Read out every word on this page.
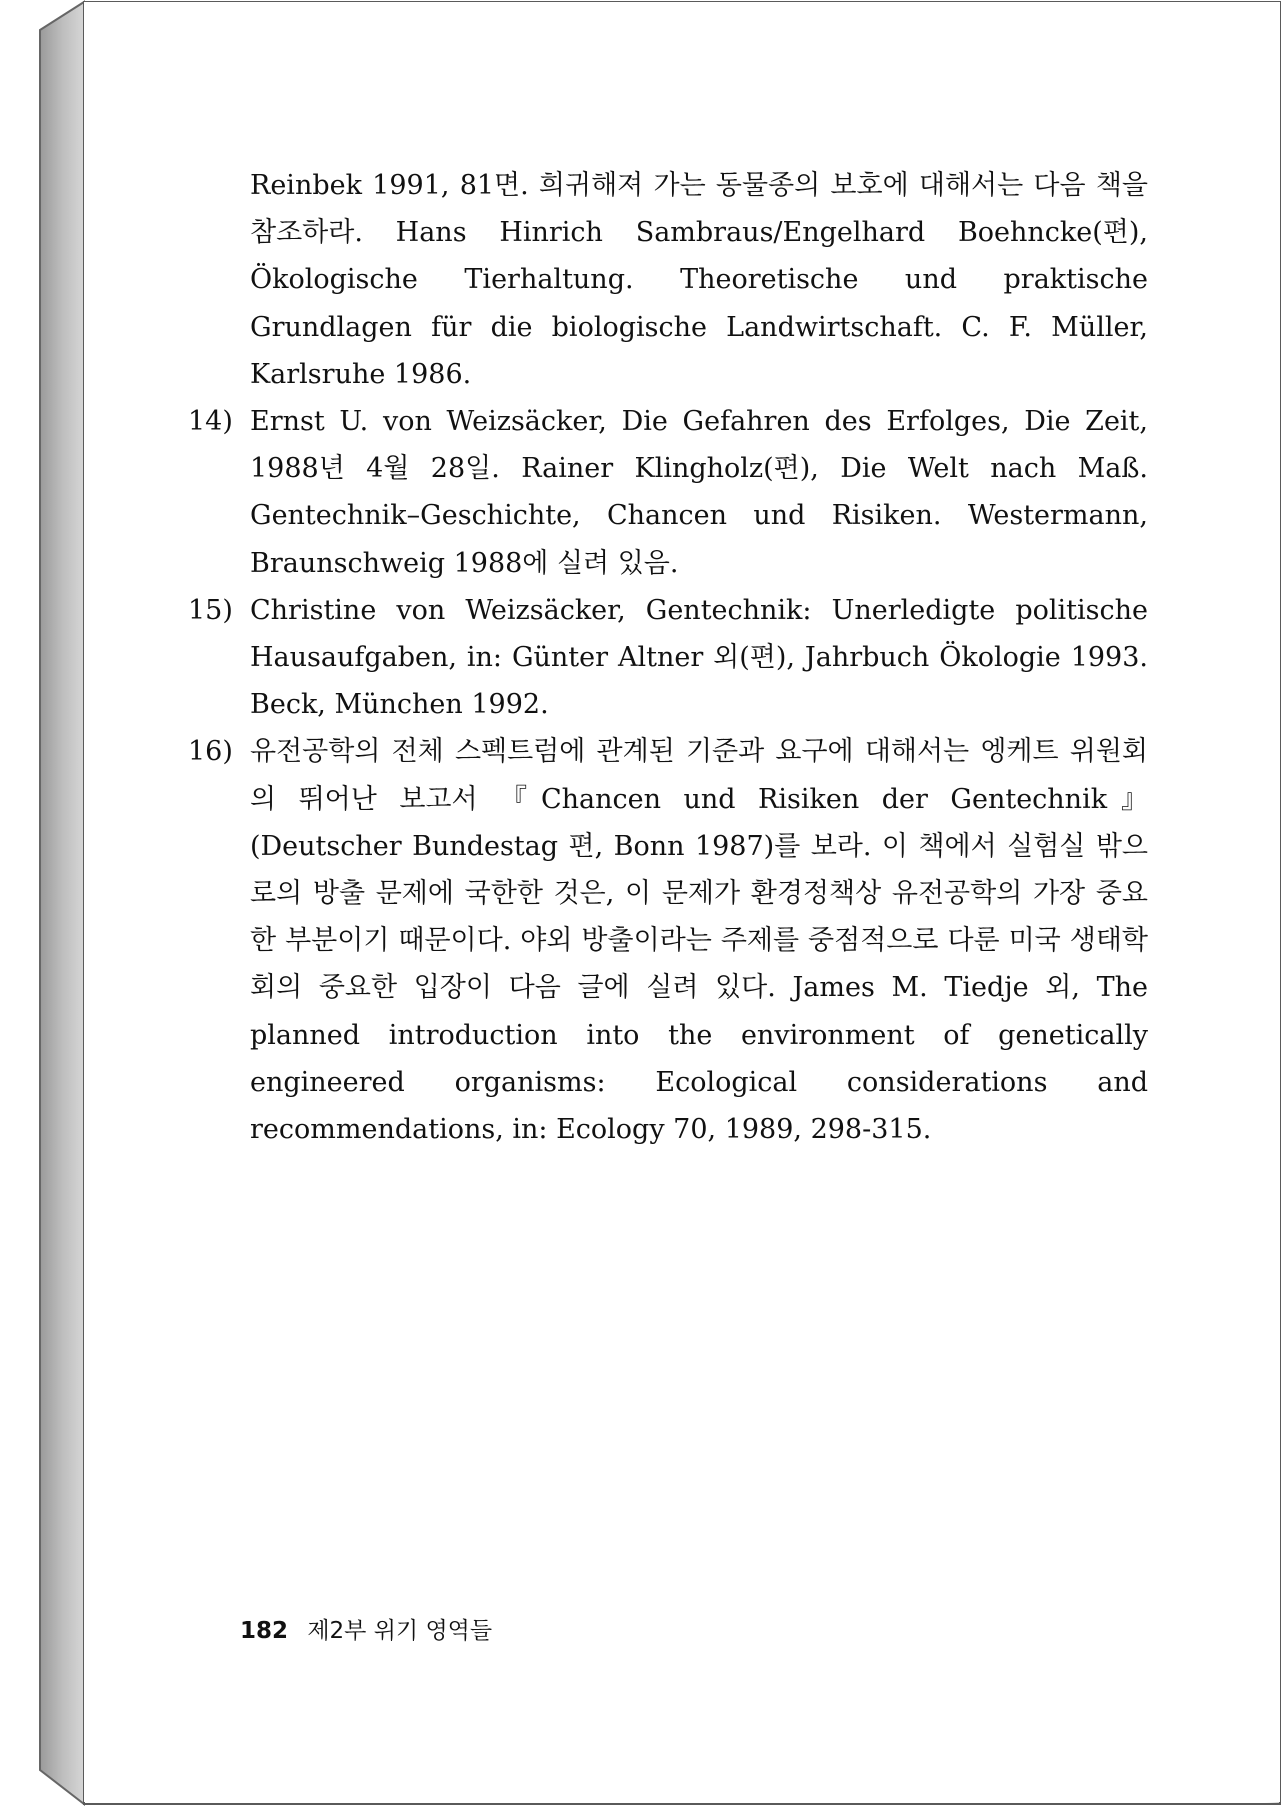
Reinbek 1991, 81면. 희귀해져 가는 동물종의 보호에 대해서는 다음 책을 참조하라. Hans Hinrich Sambraus/Engelhard Boehncke(편), Ökologische Tierhaltung. Theoretische und praktische Grundlagen für die biologische Landwirtschaft. C. F. Müller, Karlsruhe 1986.

14) Ernst U. von Weizsäcker, Die Gefahren des Erfolges, Die Zeit, 1988년 4월 28일. Rainer Klingholz(편), Die Welt nach Maß. Gentechnik–Geschichte, Chancen und Risiken. Westermann, Braunschweig 1988에 실려 있음.

15) Christine von Weizsäcker, Gentechnik: Unerledigte politische Hausaufgaben, in: Günter Altner 외(편), Jahrbuch Ökologie 1993. Beck, München 1992.

16) 유전공학의 전체 스펙트럼에 관계된 기준과 요구에 대해서는 엥케트 위원회의 뛰어난 보고서 『Chancen und Risiken der Gentechnik』(Deutscher Bundestag 편, Bonn 1987)를 보라. 이 책에서 실험실 밖으로의 방출 문제에 국한한 것은, 이 문제가 환경정책상 유전공학의 가장 중요한 부분이기 때문이다. 야외 방출이라는 주제를 중점적으로 다룬 미국 생태학회의 중요한 입장이 다음 글에 실려 있다. James M. Tiedje 외, The planned introduction into the environment of genetically engineered organisms: Ecological considerations and recommendations, in: Ecology 70, 1989, 298-315.

182 제2부 위기 영역들
